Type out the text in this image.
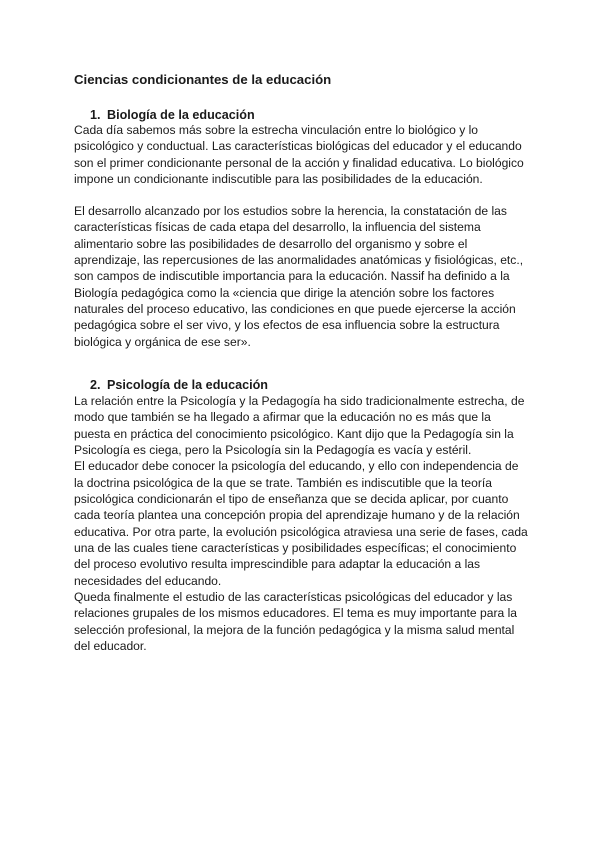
Ciencias condicionantes de la educación
1. Biología de la educación
Cada día sabemos más sobre la estrecha vinculación entre lo biológico y lo
psicológico y conductual. Las características biológicas del educador y el educando
son el primer condicionante personal de la acción y finalidad educativa. Lo biológico
impone un condicionante indiscutible para las posibilidades de la educación.
El desarrollo alcanzado por los estudios sobre la herencia, la constatación de las
características físicas de cada etapa del desarrollo, la influencia del sistema
alimentario sobre las posibilidades de desarrollo del organismo y sobre el
aprendizaje, las repercusiones de las anormalidades anatómicas y fisiológicas, etc.,
son campos de indiscutible importancia para la educación. Nassif ha definido a la
Biología pedagógica como la «ciencia que dirige la atención sobre los factores
naturales del proceso educativo, las condiciones en que puede ejercerse la acción
pedagógica sobre el ser vivo, y los efectos de esa influencia sobre la estructura
biológica y orgánica de ese ser».
2. Psicología de la educación
La relación entre la Psicología y la Pedagogía ha sido tradicionalmente estrecha, de
modo que también se ha llegado a afirmar que la educación no es más que la
puesta en práctica del conocimiento psicológico. Kant dijo que la Pedagogía sin la
Psicología es ciega, pero la Psicología sin la Pedagogía es vacía y estéril.
El educador debe conocer la psicología del educando, y ello con independencia de
la doctrina psicológica de la que se trate. También es indiscutible que la teoría
psicológica condicionarán el tipo de enseñanza que se decida aplicar, por cuanto
cada teoría plantea una concepción propia del aprendizaje humano y de la relación
educativa. Por otra parte, la evolución psicológica atraviesa una serie de fases, cada
una de las cuales tiene características y posibilidades específicas; el conocimiento
del proceso evolutivo resulta imprescindible para adaptar la educación a las
necesidades del educando.
Queda finalmente el estudio de las características psicológicas del educador y las
relaciones grupales de los mismos educadores. El tema es muy importante para la
selección profesional, la mejora de la función pedagógica y la misma salud mental
del educador.
